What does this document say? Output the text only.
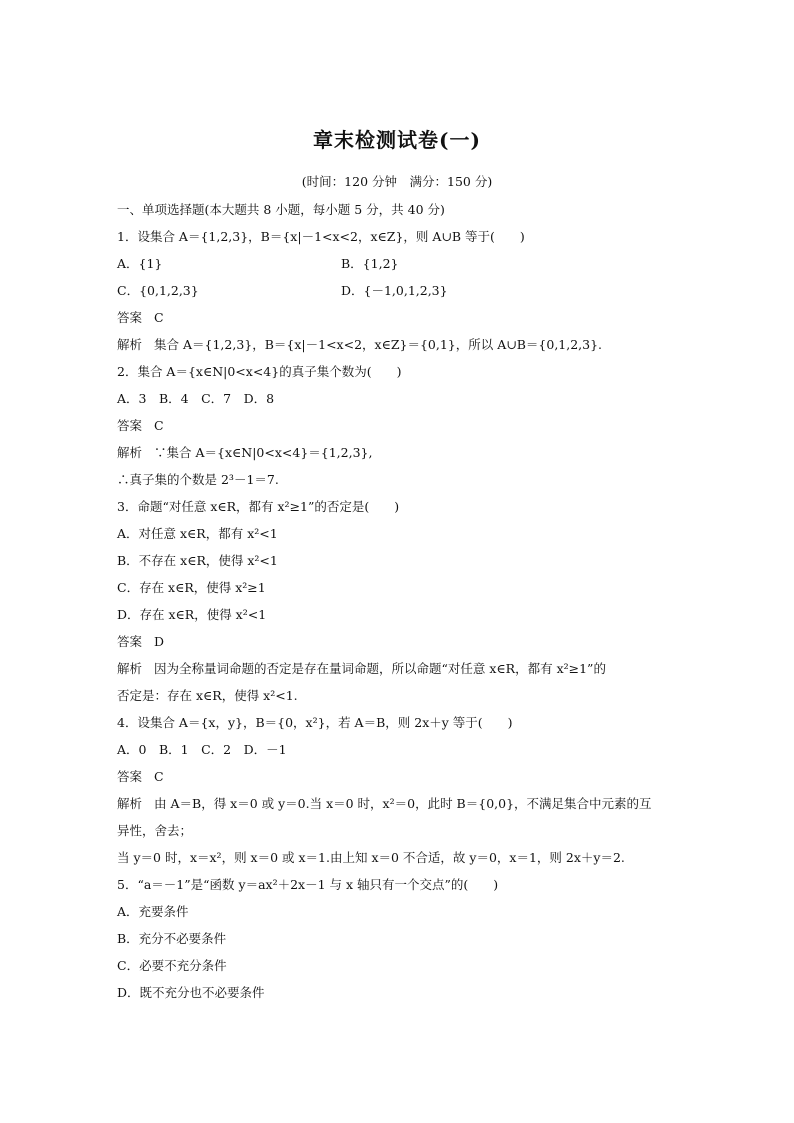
章末检测试卷(一)
(时间：120 分钟　满分：150 分)
一、单项选择题(本大题共 8 小题，每小题 5 分，共 40 分)
1．设集合 A＝{1,2,3}，B＝{x|－1<x<2，x∈Z}，则 A∪B 等于(　　)
A．{1}	B．{1,2}
C．{0,1,2,3}	D．{－1,0,1,2,3}
答案 C
解析 集合 A＝{1,2,3}，B＝{x|－1<x<2，x∈Z}＝{0,1}，所以 A∪B＝{0,1,2,3}.
2．集合 A＝{x∈N|0<x<4}的真子集个数为(　　)
A．3　B．4　C．7　D．8
答案 C
解析 ∵集合 A＝{x∈N|0<x<4}＝{1,2,3},
∴真子集的个数是 2³－1＝7.
3．命题“对任意 x∈R，都有 x²≥1”的否定是(　　)
A．对任意 x∈R，都有 x²<1
B．不存在 x∈R，使得 x²<1
C．存在 x∈R，使得 x²≥1
D．存在 x∈R，使得 x²<1
答案 D
解析 因为全称量词命题的否定是存在量词命题，所以命题“对任意 x∈R，都有 x²≥1”的
否定是：存在 x∈R，使得 x²<1.
4．设集合 A＝{x，y}，B＝{0，x²}，若 A＝B，则 2x＋y 等于(　　)
A．0　B．1　C．2　D．－1
答案 C
解析 由 A＝B，得 x＝0 或 y＝0.当 x＝0 时，x²＝0，此时 B＝{0,0}，不满足集合中元素的互
异性，舍去；
当 y＝0 时，x＝x²，则 x＝0 或 x＝1.由上知 x＝0 不合适，故 y＝0，x＝1，则 2x＋y＝2.
5．“a＝－1”是“函数 y＝ax²＋2x－1 与 x 轴只有一个交点”的(　　)
A．充要条件
B．充分不必要条件
C．必要不充分条件
D．既不充分也不必要条件
